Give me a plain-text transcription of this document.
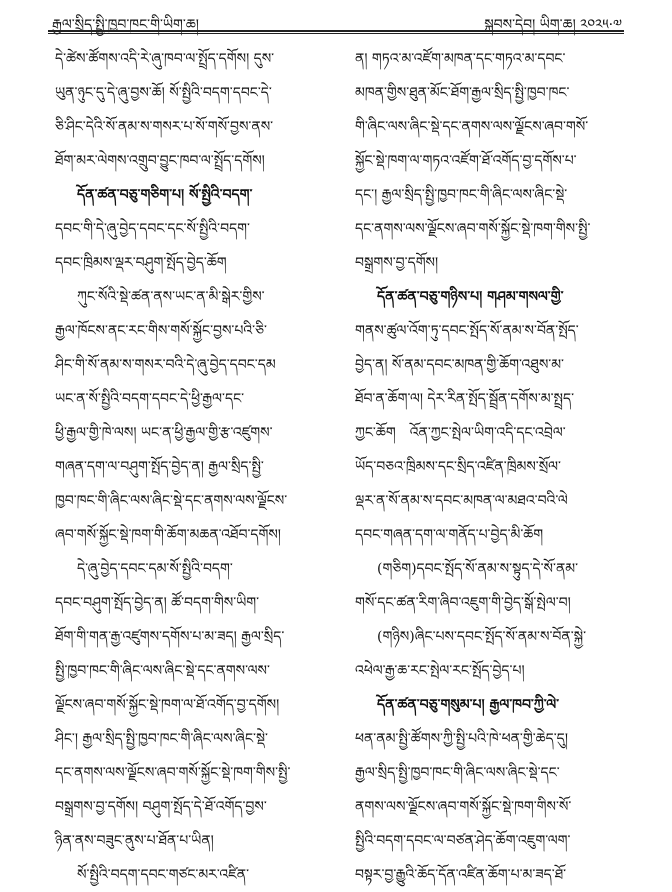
རྒྱལ་སྲིད་སྤྱི་ཁྱབ་ཁང་གི་ཡིག་ཆ།	སྐབས་དེབ། ཡིག་ཆ། ༢༠༢༥·༧
དེ་ཚེས་ཚོགས་འདི་རེ་ཞུ་ཁབ་ལ་སྤྲོད་དགོས། དུས་
ཡུན་ཉུང་དུ་དེ་ཞུ་བྱས་ཆོ། སོ་སྤྱིའི་བདག་དབང་དེ་
ཅི་ཤིང་དེའི་སོ་ནམ་ས་གསར་པ་སོ་གསོ་བྱས་ནས་
ཐོག་མར་ལེགས་འགྲུབ་བྱུང་ཁབ་ལ་སྤྲོད་དགོས།
དོན་ཚན་བཅུ་གཅིག་པ། སོ་སྤྱིའི་བདག་
དབང་གི་དེ་ཞུ་བྱེད་དབང་དང་སོ་སྤྱིའི་བདག་
དབང་ཁྲིམས་ལྡར་བཤུག་སྤོད་བྱེད་ཆོག
ཀུང་སོའི་སྡེ་ཚན་ནས་ཡང་ན་མི་སྒེར་གྱིས་
རྒྱལ་ཁོངས་ནང་རང་གིས་གསོ་སྐྱོང་བྱས་པའི་ཅི་
ཤིང་གི་སོ་ནམ་ས་གསར་བའི་དེ་ཞུ་བྱེད་དབང་དམ
ཡང་ན་སོ་སྤྱིའི་བདག་དབང་དེ་ཕྱི་རྒྱལ་དང་
ཕྱི་རྒྱལ་གྱི་ཁེ་ལས། ཡང་ན་ཕྱི་རྒྱལ་གྱི་རྩ་འཛུགས་
གཞན་དག་ལ་བཤུག་སྤོད་བྱེད་ན། རྒྱལ་སྲིད་སྤྱི་
ཁྱབ་ཁང་གི་ཞིང་ལས་ཞིང་སྡེ་དང་ནགས་ལས་ལྗོངས་
ཞབ་གསོ་སྐྱོང་སྡེ་ཁག་གི་ཆོག་མཆན་འཐོབ་དགོས།
དེ་ཞུ་བྱེད་དབང་དམ་སོ་སྤྱིའི་བདག་
དབང་བཤུག་སྤོད་བྱེད་ན། ཚོ་བདག་གིས་ཡིག་
ཐོག་གི་གན་རྒྱ་འཛུགས་དགོས་པ་མ་ཟད། རྒྱལ་སྲིད་
སྤྱི་ཁྱབ་ཁང་གི་ཞིང་ལས་ཞིང་སྡེ་དང་ནགས་ལས་
ལྗོངས་ཞབ་གསོ་སྐྱོང་སྡེ་ཁག་ལ་ཐོ་འགོད་བྱ་དགོས།
ཤིང་། རྒྱལ་སྲིད་སྤྱི་ཁྱབ་ཁང་གི་ཞིང་ལས་ཞིང་སྡེ་
དང་ནགས་ལས་ལྗོངས་ཞབ་གསོ་སྐྱོང་སྡེ་ཁག་གིས་སྤྱི་
བསྒྲགས་བྱ་དགོས། བཤུག་སྤོད་དེ་ཐོ་འགོད་བྱས་
ཉིན་ནས་བཟུང་ནུས་པ་ཐོན་པ་ཡིན།
སོ་སྤྱིའི་བདག་དབང་གཙང་མར་འཛིན་
ན། གཏའ་མ་འཛོག་མཁན་དང་གཏའ་མ་དབང་
མཁན་གྱིས་ཐུན་མོང་ཐོག་རྒྱལ་སྲིད་སྤྱི་ཁྱབ་ཁང་
གི་ཞིང་ལས་ཞིང་སྡེ་དང་ནགས་ལས་ལྗོངས་ཞབ་གསོ་
སྐྱོང་སྡེ་ཁག་ལ་གཏའ་འཛོག་ཐོ་འགོད་བྱ་དགོས་པ་
དང་། རྒྱལ་སྲིད་སྤྱི་ཁྱབ་ཁང་གི་ཞིང་ལས་ཞིང་སྡེ་
དང་ནགས་ལས་ལྗོངས་ཞབ་གསོ་སྐྱོང་སྡེ་ཁག་གིས་སྤྱི་
བསྒྲགས་བྱ་དགོས།
དོན་ཚན་བཅུ་གཉིས་པ། གཤམ་གསལ་གྱི་
གནས་ཚུལ་འོག་ཏུ་དབང་སྤོད་སོ་ནམ་ས་བོན་སྤོད་
བྱེད་ན། སོ་ནམ་དབང་མཁན་གྱི་ཆོག་འཐུས་མ་
ཐོབ་ན་ཆོག་ལ། དེར་རིན་སྤོད་སྦྲོན་དགོས་མ་སྤྲད་
ཀྱང་ཆོག　འོན་ཀྱང་སྤེལ་ཡིག་འདི་དང་འབྲེལ་
ཡོད་བཅའ་ཁྲིམས་དང་སྲིད་འཛིན་ཁྲིམས་སྲོལ་
ལྡར་ན་སོ་ནམ་ས་དབང་མཁན་ལ་མཐའ་བའི་ལེ
དབང་གཞན་དག་ལ་གནོད་པ་བྱེད་མི་ཆོག
(གཅིག)དབང་སྤོད་སོ་ནམ་ས་སྟུད་དེ་སོ་ནམ་
གསོ་དང་ཚན་རིག་ཞིབ་འཇུག་གི་བྱེད་སྒོ་སྤེལ་བ།
(གཉིས)ཞིང་པས་དབང་སྤོད་སོ་ནམ་ས་བོན་སྐྱེ་
འཕེལ་རྒྱ་ཆ་རང་སྤེལ་རང་སྤོད་བྱེད་པ།
དོན་ཚན་བཅུ་གསུམ་པ། རྒྱལ་ཁབ་ཀྱི་ལེ་
ཕན་ནམ་སྤྱི་ཚོགས་ཀྱི་སྤྱི་པའི་ཁེ་ཕན་གྱི་ཆེད་དུ།
རྒྱལ་སྲིད་སྤྱི་ཁྱབ་ཁང་གི་ཞིང་ལས་ཞིང་སྡེ་དང་
ནགས་ལས་ལྗོངས་ཞབ་གསོ་སྐྱོང་སྡེ་ཁག་གིས་སོ་
སྤྱིའི་བདག་དབང་ལ་བཙན་ཤེད་ཆོག་འཇུག་ལག་
བསྟར་བྱ་རྒྱུའི་ཆོད་དོན་འཛིན་ཆོག་པ་མ་ཟད་ཐོ་
